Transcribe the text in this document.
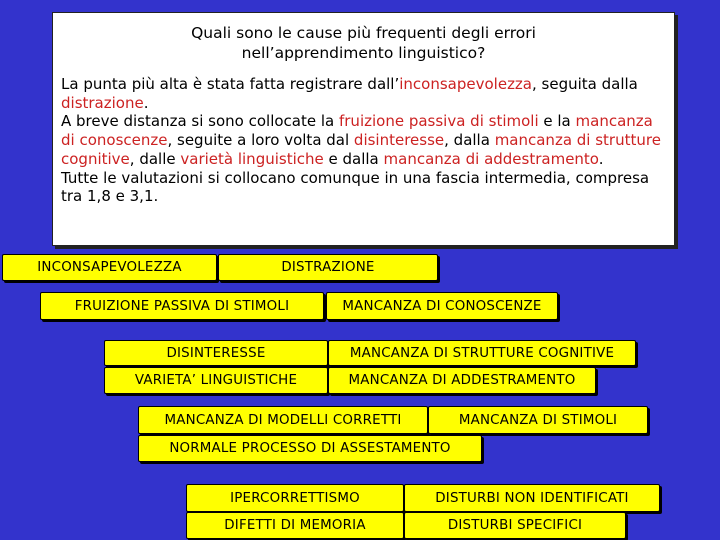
Quali sono le cause più frequenti degli errori
nell’apprendimento linguistico?

La punta più alta è stata fatta registrare dall’inconsapevolezza, seguita dalla distrazione.
A breve distanza si sono collocate la fruizione passiva di stimoli e la mancanza di conoscenze, seguite a loro volta dal disinteresse, dalla mancanza di strutture cognitive, dalle varietà linguistiche e dalla mancanza di addestramento.
Tutte le valutazioni si collocano comunque in una fascia intermedia, compresa tra 1,8 e 3,1.

INCONSAPEVOLEZZA	DISTRAZIONE
FRUIZIONE PASSIVA DI STIMOLI	MANCANZA DI CONOSCENZE
DISINTERESSE	MANCANZA DI STRUTTURE COGNITIVE
VARIETA’ LINGUISTICHE	MANCANZA DI ADDESTRAMENTO
MANCANZA DI MODELLI CORRETTI	MANCANZA DI STIMOLI
NORMALE PROCESSO DI ASSESTAMENTO
IPERCORRETTISMO	DISTURBI NON IDENTIFICATI
DIFETTI DI MEMORIA	DISTURBI SPECIFICI
